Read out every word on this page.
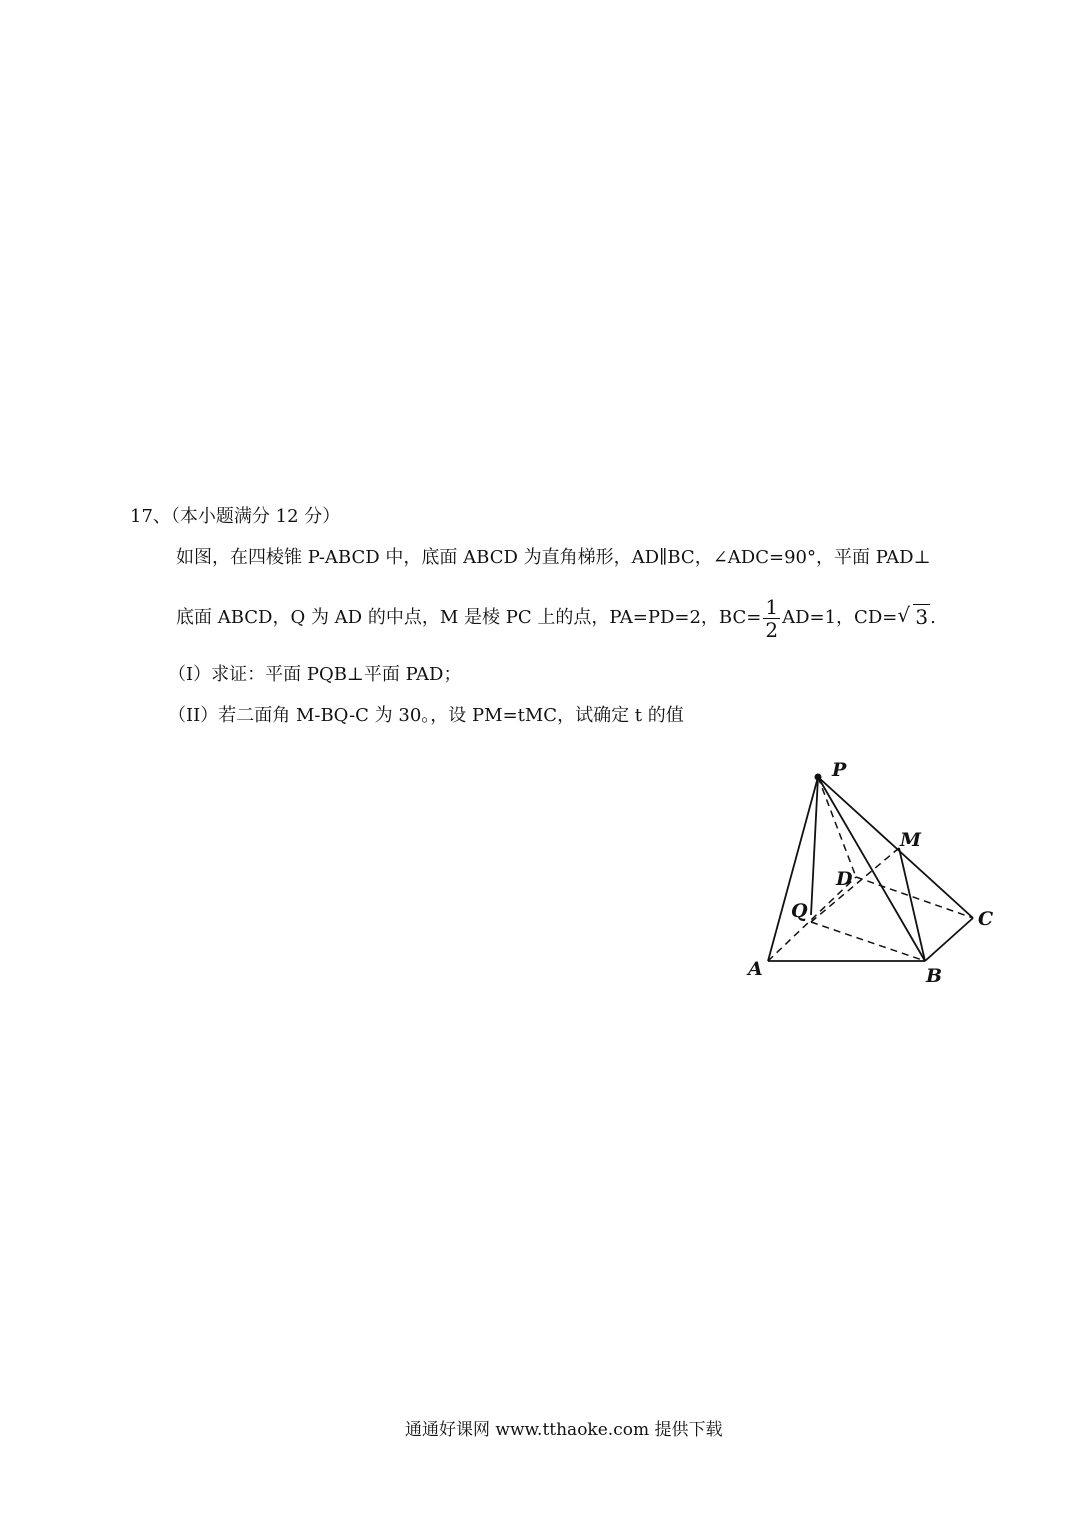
17、（本小题满分 12 分）
如图，在四棱锥 P-ABCD 中，底面 ABCD 为直角梯形，AD∥BC，∠ADC=90°，平面 PAD⊥
底面 ABCD，Q 为 AD 的中点，M 是棱 PC 上的点，PA=PD=2，$BC= \frac{1}{2} AD=1$，CD= √ 3 .
（Ⅰ）求证：平面 PQB⊥平面 PAD；
（II）若二面角 M-BQ-C 为 30。，设 PM=tMC，试确定 t 的值
P
M
D
Q	C
A	B
通通好课网 www.tthaoke.com 提供下载
